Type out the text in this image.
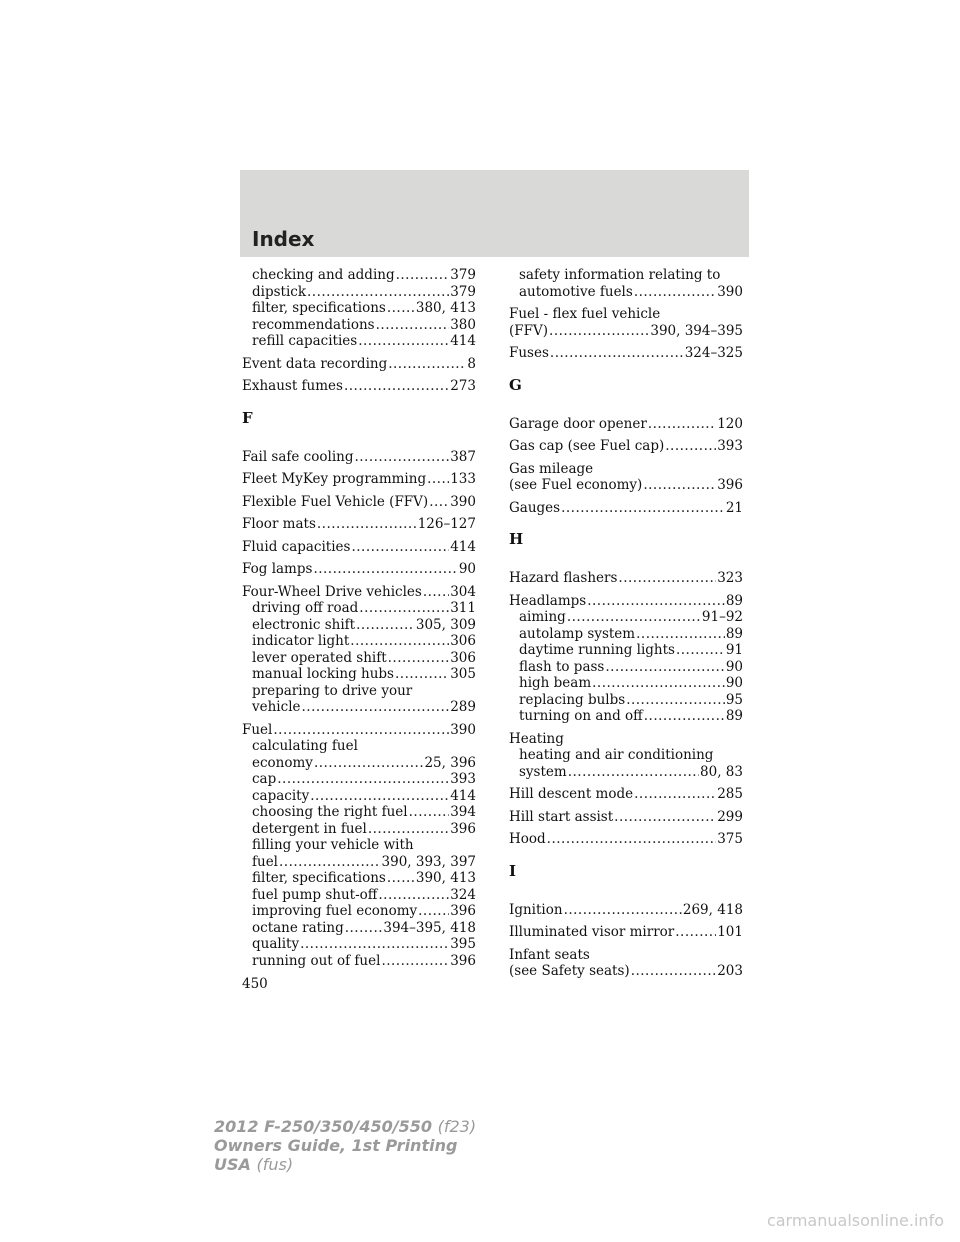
Index
checking and adding .....	379
dipstick .....	379
filter, specifications ..... 380, 413
recommendations .....	380
refill capacities .....	414
Event data recording .....	8
Exhaust fumes .....	273
F
Fail safe cooling .....	387
Fleet MyKey programming ..... 133
Flexible Fuel Vehicle (FFV) ..... 390
Floor mats .....	126–127
Fluid capacities .....	414
Fog lamps .....	90
Four-Wheel Drive vehicles ..... 304
driving off road .....	311
electronic shift .....	305, 309
indicator light .....	306
lever operated shift .....	306
manual locking hubs .....	305
preparing to drive your
vehicle .....	289
Fuel .....	390
calculating fuel
economy .....	25, 396
cap .....	393
capacity .....	414
choosing the right fuel .....	394
detergent in fuel .....	396
filling your vehicle with
fuel .....	390, 393, 397
filter, specifications ..... 390, 413
fuel pump shut-off .....	324
improving fuel economy ..... 396
octane rating .....	394–395, 418
quality .....	395
running out of fuel .....	396
safety information relating to
automotive fuels .....	390
Fuel - flex fuel vehicle
(FFV) .....	390, 394–395
Fuses .....	324–325
G
Garage door opener .....	120
Gas cap (see Fuel cap) .....	393
Gas mileage
(see Fuel economy) .....	396
Gauges .....	21
H
Hazard flashers .....	323
Headlamps .....	89
aiming .....	91–92
autolamp system .....	89
daytime running lights .....	91
flash to pass .....	90
high beam .....	90
replacing bulbs .....	95
turning on and off .....	89
Heating
heating and air conditioning
system .....	80, 83
Hill descent mode .....	285
Hill start assist .....	299
Hood .....	375
I
Ignition .....	269, 418
Illuminated visor mirror .....	101
Infant seats
(see Safety seats) .....	203
450
2012 F-250/350/450/550 (f23)
Owners Guide, 1st Printing
USA (fus)
carmanualsonline.info
